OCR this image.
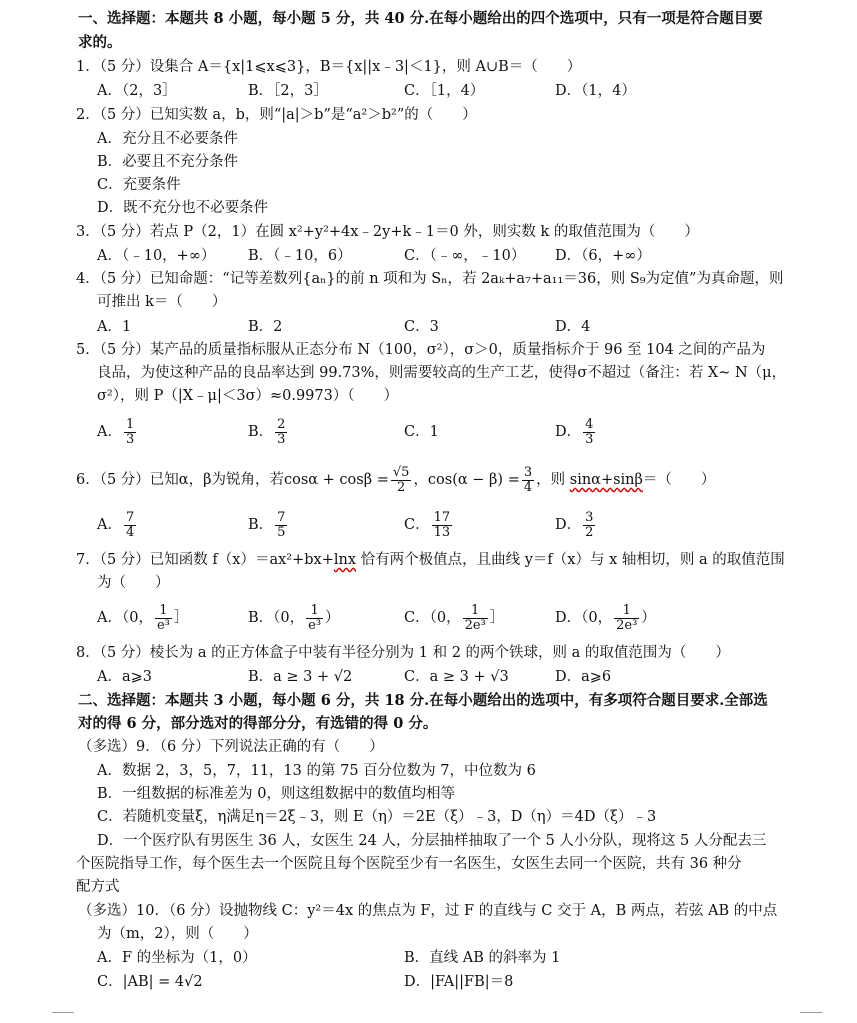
一、选择题：本题共 8 小题，每小题 5 分，共 40 分.在每小题给出的四个选项中，只有一项是符合题目要
求的。
1．（5 分）设集合 A＝{x|1⩽x⩽3}，B＝{x||x﹣3|＜1}，则 A∪B＝（　　）
A．（2，3］	B．［2，3］	C．［1，4）	D．（1，4）
2．（5 分）已知实数 a，b，则“|a|＞b”是“a²＞b²”的（　　）
A．充分且不必要条件
B．必要且不充分条件
C．充要条件
D．既不充分也不必要条件
3．（5 分）若点 P（2，1）在圆 x²+y²+4x﹣2y+k﹣1＝0 外，则实数 k 的取值范围为（　　）
A．（﹣10，+∞） B．（﹣10，6）	C．（﹣∞，﹣10） D．（6，+∞）
4．（5 分）已知命题：“记等差数列{aₙ}的前 n 项和为 Sₙ，若 2aₖ+a₇+a₁₁＝36，则 S₉为定值”为真命题，则
可推出 k＝（　　）
A．1	B．2	C．3	D．4
5．（5 分）某产品的质量指标服从正态分布 N（100，σ²），σ＞0，质量指标介于 96 至 104 之间的产品为
良品，为使这种产品的良品率达到 99.73%，则需要较高的生产工艺，使得σ不超过（备注：若 X~ N（μ，
σ²），则 P（|X﹣μ|＜3σ）≈0.9973）（　　）
A． $\frac{1}{3}$	B． $\frac{2}{3}$	C．1	D． $\frac{4}{3}$
6．（5 分）已知α，β为锐角，若$\cos\alpha + \cos\beta = \frac{√5}{2}$ ，$\cos(\alpha - \beta) = \frac{3}{4}$ ，则 sinα+sinβ＝（　　）
A． $\frac{7}{4}$	B． $\frac{7}{5}$	C． $\frac{17}{13}$	D． $\frac{3}{2}$
7．（5 分）已知函数 f（x）＝ax²+bx+lnx 恰有两个极值点，且曲线 y＝f（x）与 x 轴相切，则 a 的取值范围
为（　　）
A．（0， $\frac{1}{\text{e³}}$ ］	B．（0， $\frac{1}{\text{e³}}$ ）	C．（0， $\frac{1}{\text{2e³}}$ ］	D．（0， $\frac{1}{\text{2e³}}$ ）
8．（5 分）棱长为 a 的正方体盒子中装有半径分别为 1 和 2 的两个铁球，则 a 的取值范围为（　　）
A．a⩾3	B．a ≥ 3 + √2	C．a ≥ 3 + √3	D．a⩾6
二、选择题：本题共 3 小题，每小题 6 分，共 18 分.在每小题给出的选项中，有多项符合题目要求.全部选
对的得 6 分，部分选对的得部分分，有选错的得 0 分。
（多选）9．（6 分）下列说法正确的有（　　）
A．数据 2，3，5，7，11，13 的第 75 百分位数为 7，中位数为 6
B．一组数据的标准差为 0，则这组数据中的数值均相等
C．若随机变量ξ，η满足η＝2ξ﹣3，则 E（η）＝2E（ξ）﹣3，D（η）＝4D（ξ）﹣3
D．一个医疗队有男医生 36 人，女医生 24 人，分层抽样抽取了一个 5 人小分队，现将这 5 人分配去三
个医院指导工作，每个医生去一个医院且每个医院至少有一名医生，女医生去同一个医院，共有 36 种分
配方式
（多选）10．（6 分）设抛物线 C：y²＝4x 的焦点为 F，过 F 的直线与 C 交于 A，B 两点，若弦 AB 的中点
为（m，2），则（　　）
A．F 的坐标为（1，0）	B．直线 AB 的斜率为 1
C．|AB| = 4√2	D．|FA||FB|＝8
